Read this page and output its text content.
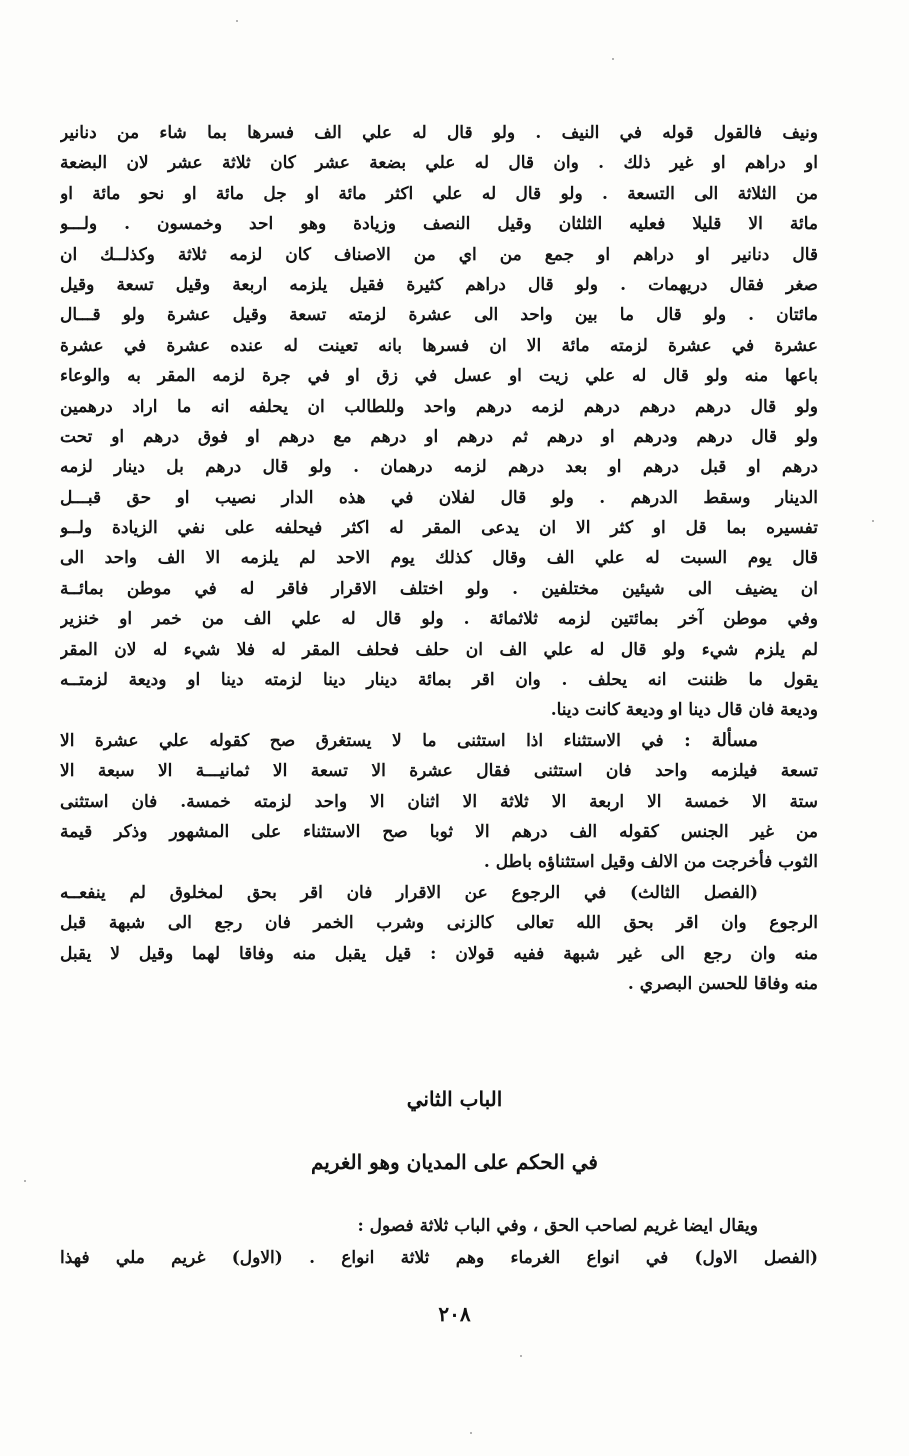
ونيف فالقول قوله في النيف . ولو قال له علي الف فسرها بما شاء من دنانير
او دراهم او غير ذلك . وان قال له علي بضعة عشر كان ثلاثة عشر لان البضعة
من الثلاثة الى التسعة . ولو قال له علي اكثر مائة او جل مائة او نحو مائة او
مائة الا قليلا فعليه الثلثان وقيل النصف وزيادة وهو احد وخمسون . ولـــو
قال دنانير او دراهم او جمع من اي من الاصناف كان لزمه ثلاثة وكذلــك ان
صغر فقال دريهمات . ولو قال دراهم كثيرة فقيل يلزمه اربعة وقيل تسعة وقيل
مائتان . ولو قال ما بين واحد الى عشرة لزمته تسعة وقيل عشرة ولو قـــال
عشرة في عشرة لزمته مائة الا ان فسرها بانه تعينت له عنده عشرة في عشرة
باعها منه ولو قال له علي زيت او عسل في زق او في جرة لزمه المقر به والوعاء
ولو قال درهم درهم درهم لزمه درهم واحد وللطالب ان يحلفه انه ما اراد درهمين
ولو قال درهم ودرهم او درهم ثم درهم او درهم مع درهم او فوق درهم او تحت
درهم او قبل درهم او بعد درهم لزمه درهمان . ولو قال درهم بل دينار لزمه
الدينار وسقط الدرهم . ولو قال لفلان في هذه الدار نصيب او حق قبـــل
تفسيره بما قل او كثر الا ان يدعى المقر له اكثر فيحلفه على نفي الزيادة ولــو
قال يوم السبت له علي الف وقال كذلك يوم الاحد لم يلزمه الا الف واحد الى
ان يضيف الى شيئين مختلفين . ولو اختلف الاقرار فاقر له في موطن بمائــة
وفي موطن آخر بمائتين لزمه ثلاثمائة . ولو قال له علي الف من خمر او خنزير
لم يلزم شيء ولو قال له علي الف ان حلف فحلف المقر له فلا شيء له لان المقر
يقول ما ظننت انه يحلف . وان اقر بمائة دينار دينا لزمته دينا او وديعة لزمتــه
وديعة فان قال دينا او وديعة كانت دينا.
مسألة : في الاستثناء اذا استثنى ما لا يستغرق صح كقوله علي عشرة الا
تسعة فيلزمه واحد فان استثنى فقال عشرة الا تسعة الا ثمانيـــة الا سبعة الا
ستة الا خمسة الا اربعة الا ثلاثة الا اثنان الا واحد لزمته خمسة. فان استثنى
من غير الجنس كقوله الف درهم الا ثوبا صح الاستثناء على المشهور وذكر قيمة
الثوب فأخرجت من الالف وقيل استثناؤه باطل .
(الفصل الثالث) في الرجوع عن الاقرار فان اقر بحق لمخلوق لم ينفعــه
الرجوع وان اقر بحق الله تعالى كالزنى وشرب الخمر فان رجع الى شبهة قبل
منه وان رجع الى غير شبهة ففيه قولان : قيل يقبل منه وفاقا لهما وقيل لا يقبل
منه وفاقا للحسن البصري .
الباب الثاني
في الحكم على المديان وهو الغريم
ويقال ايضا غريم لصاحب الحق ، وفي الباب ثلاثة فصول :
(الفصل الاول) في انواع الغرماء وهم ثلاثة انواع . (الاول) غريم ملي فهذا
٢٠٨
